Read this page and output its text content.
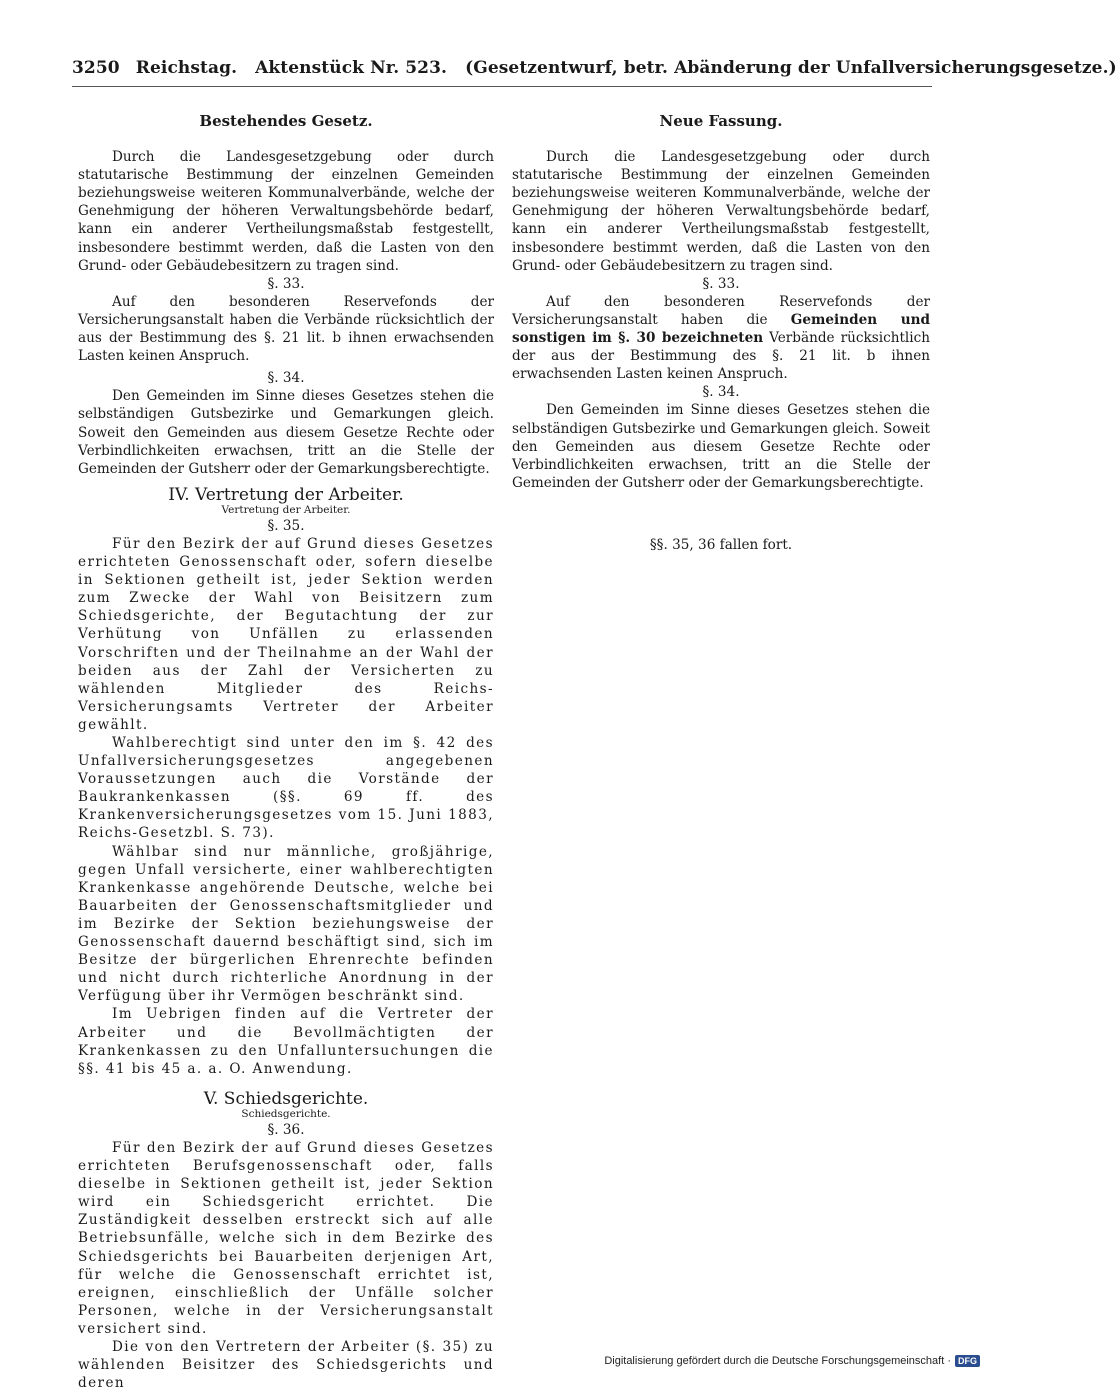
3250 Reichstag. Aktenstück Nr. 523. (Gesetzentwurf, betr. Abänderung der Unfallversicherungsgesetze.)
Bestehendes Gesetz.

Durch die Landesgesetzgebung oder durch statutarische Bestimmung der einzelnen Gemeinden beziehungsweise weiteren Kommunalverbände, welche der Genehmigung der höheren Verwaltungsbehörde bedarf, kann ein anderer Vertheilungsmaßstab festgestellt, insbesondere bestimmt werden, daß die Lasten von den Grund- oder Gebäudebesitzern zu tragen sind.

§. 33.

Auf den besonderen Reservefonds der Versicherungsanstalt haben die Verbände rücksichtlich der aus der Bestimmung des §. 21 lit. b ihnen erwachsenden Lasten keinen Anspruch.

§. 34.

Den Gemeinden im Sinne dieses Gesetzes stehen die selbständigen Gutsbezirke und Gemarkungen gleich. Soweit den Gemeinden aus diesem Gesetze Rechte oder Verbindlichkeiten erwachsen, tritt an die Stelle der Gemeinden der Gutsherr oder der Gemarkungsberechtigte.

IV. Vertretung der Arbeiter.

Vertretung der Arbeiter.

§. 35.

Für den Bezirk der auf Grund dieses Gesetzes errichteten Genossenschaft oder, sofern dieselbe in Sektionen getheilt ist, jeder Sektion werden zum Zwecke der Wahl von Beisitzern zum Schiedsgerichte, der Begutachtung der zur Verhütung von Unfällen zu erlassenden Vorschriften und der Theilnahme an der Wahl der beiden aus der Zahl der Versicherten zu wählenden Mitglieder des Reichs-Versicherungsamts Vertreter der Arbeiter gewählt.

Wahlberechtigt sind unter den im §. 42 des Unfallversicherungsgesetzes angegebenen Voraussetzungen auch die Vorstände der Baukrankenkassen (§§. 69 ff. des Krankenversicherungsgesetzes vom 15. Juni 1883, Reichs-Gesetzbl. S. 73).

Wählbar sind nur männliche, großjährige, gegen Unfall versicherte, einer wahlberechtigten Krankenkasse angehörende Deutsche, welche bei Bauarbeiten der Genossenschaftsmitglieder und im Bezirke der Sektion beziehungsweise der Genossenschaft dauernd beschäftigt sind, sich im Besitze der bürgerlichen Ehrenrechte befinden und nicht durch richterliche Anordnung in der Verfügung über ihr Vermögen beschränkt sind.

Im Uebrigen finden auf die Vertreter der Arbeiter und die Bevollmächtigten der Krankenkassen zu den Unfalluntersuchungen die §§. 41 bis 45 a. a. O. Anwendung.

V. Schiedsgerichte.

Schiedsgerichte.

§. 36.

Für den Bezirk der auf Grund dieses Gesetzes errichteten Berufsgenossenschaft oder, falls dieselbe in Sektionen getheilt ist, jeder Sektion wird ein Schiedsgericht errichtet. Die Zuständigkeit desselben erstreckt sich auf alle Betriebsunfälle, welche sich in dem Bezirke des Schiedsgerichts bei Bauarbeiten derjenigen Art, für welche die Genossenschaft errichtet ist, ereignen, einschließlich der Unfälle solcher Personen, welche in der Versicherungsanstalt versichert sind.

Die von den Vertretern der Arbeiter (§. 35) zu wählenden Beisitzer des Schiedsgerichts und deren

Neue Fassung.

Durch die Landesgesetzgebung oder durch statutarische Bestimmung der einzelnen Gemeinden beziehungsweise weiteren Kommunalverbände, welche der Genehmigung der höheren Verwaltungsbehörde bedarf, kann ein anderer Vertheilungsmaßstab festgestellt, insbesondere bestimmt werden, daß die Lasten von den Grund- oder Gebäudebesitzern zu tragen sind.

§. 33.

Auf den besonderen Reservefonds der Versicherungsanstalt haben die Gemeinden und sonstigen im §. 30 bezeichneten Verbände rücksichtlich der aus der Bestimmung des §. 21 lit. b ihnen erwachsenden Lasten keinen Anspruch.

§. 34.

Den Gemeinden im Sinne dieses Gesetzes stehen die selbständigen Gutsbezirke und Gemarkungen gleich. Soweit den Gemeinden aus diesem Gesetze Rechte oder Verbindlichkeiten erwachsen, tritt an die Stelle der Gemeinden der Gutsherr oder der Gemarkungsberechtigte.

§§. 35, 36 fallen fort.

Digitalisierung gefördert durch die Deutsche Forschungsgemeinschaft · DFG
